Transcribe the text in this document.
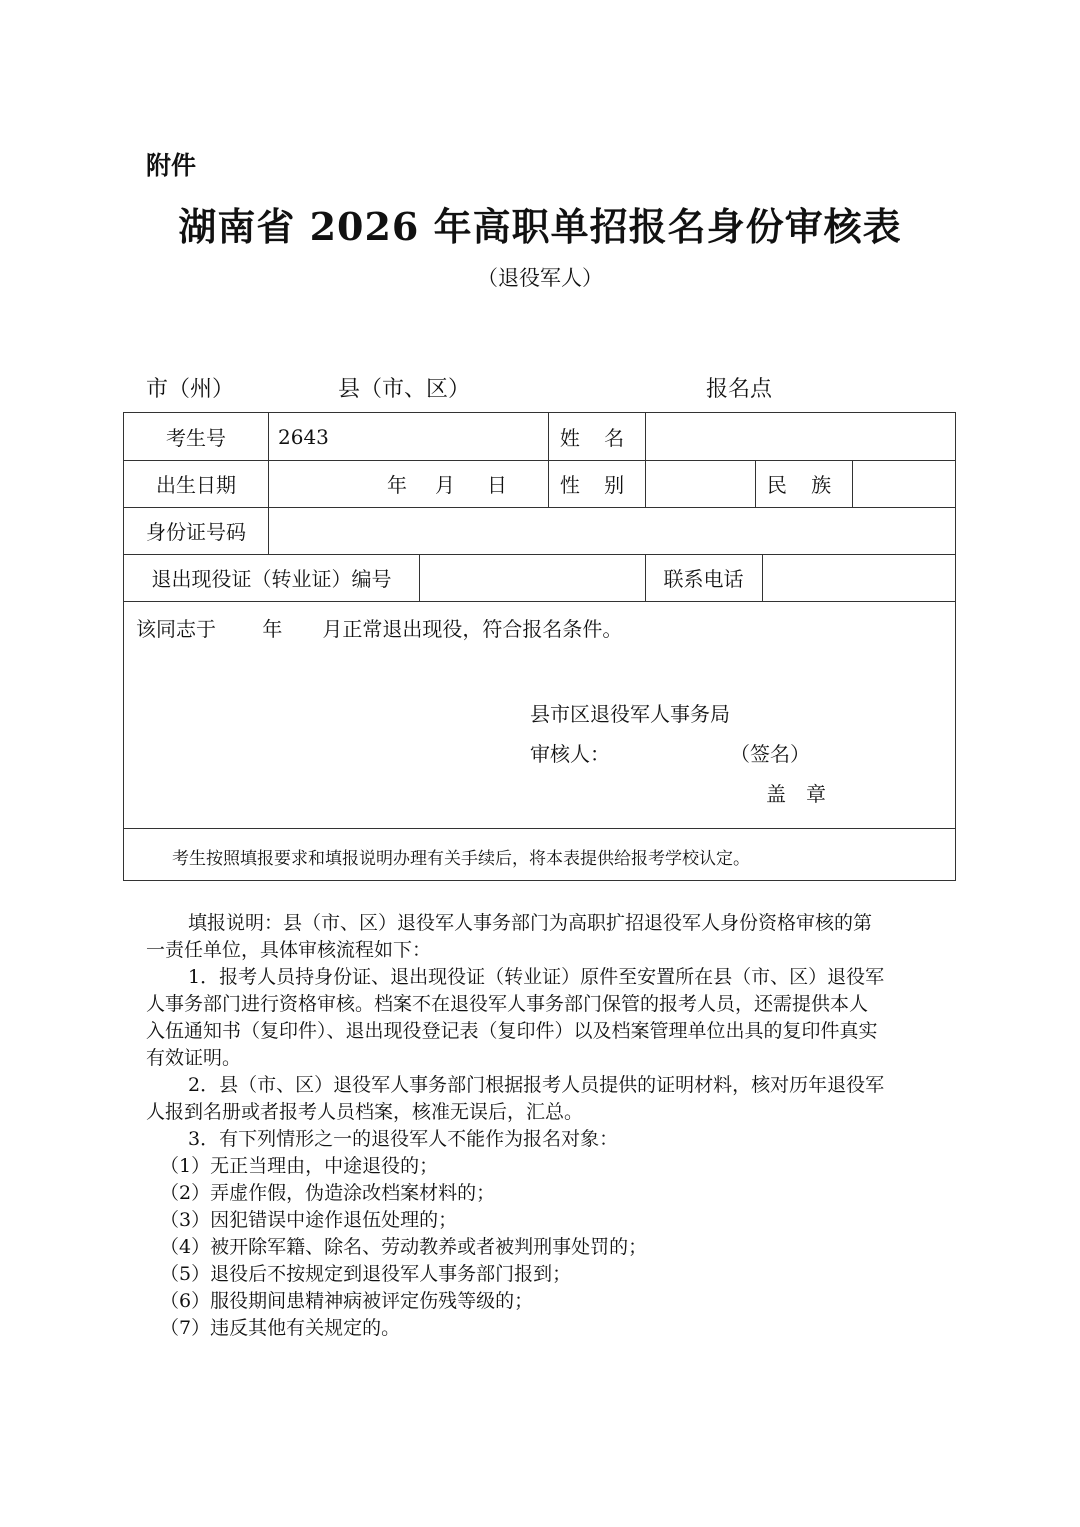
附件
湖南省 2026 年高职单招报名身份审核表
（退役军人）
市（州）	县（市、区）	报名点
考生号	2643	姓 名
出生日期	年 月 日	性 别	民 族
身份证号码
退出现役证（转业证）编号	联系电话
该同志于　　 年　　月正常退出现役，符合报名条件。
县市区退役军人事务局
审核人：	（签名）
盖　章
考生按照填报要求和填报说明办理有关手续后，将本表提供给报考学校认定。
填报说明：县（市、区）退役军人事务部门为高职扩招退役军人身份资格审核的第
一责任单位，具体审核流程如下：
1．报考人员持身份证、退出现役证（转业证）原件至安置所在县（市、区）退役军
人事务部门进行资格审核。档案不在退役军人事务部门保管的报考人员，还需提供本人
入伍通知书（复印件）、退出现役登记表（复印件）以及档案管理单位出具的复印件真实
有效证明。
2．县（市、区）退役军人事务部门根据报考人员提供的证明材料，核对历年退役军
人报到名册或者报考人员档案，核准无误后，汇总。
3．有下列情形之一的退役军人不能作为报名对象：
（1）无正当理由，中途退役的；
（2）弄虚作假，伪造涂改档案材料的；
（3）因犯错误中途作退伍处理的；
（4）被开除军籍、除名、劳动教养或者被判刑事处罚的；
（5）退役后不按规定到退役军人事务部门报到；
（6）服役期间患精神病被评定伤残等级的；
（7）违反其他有关规定的。
